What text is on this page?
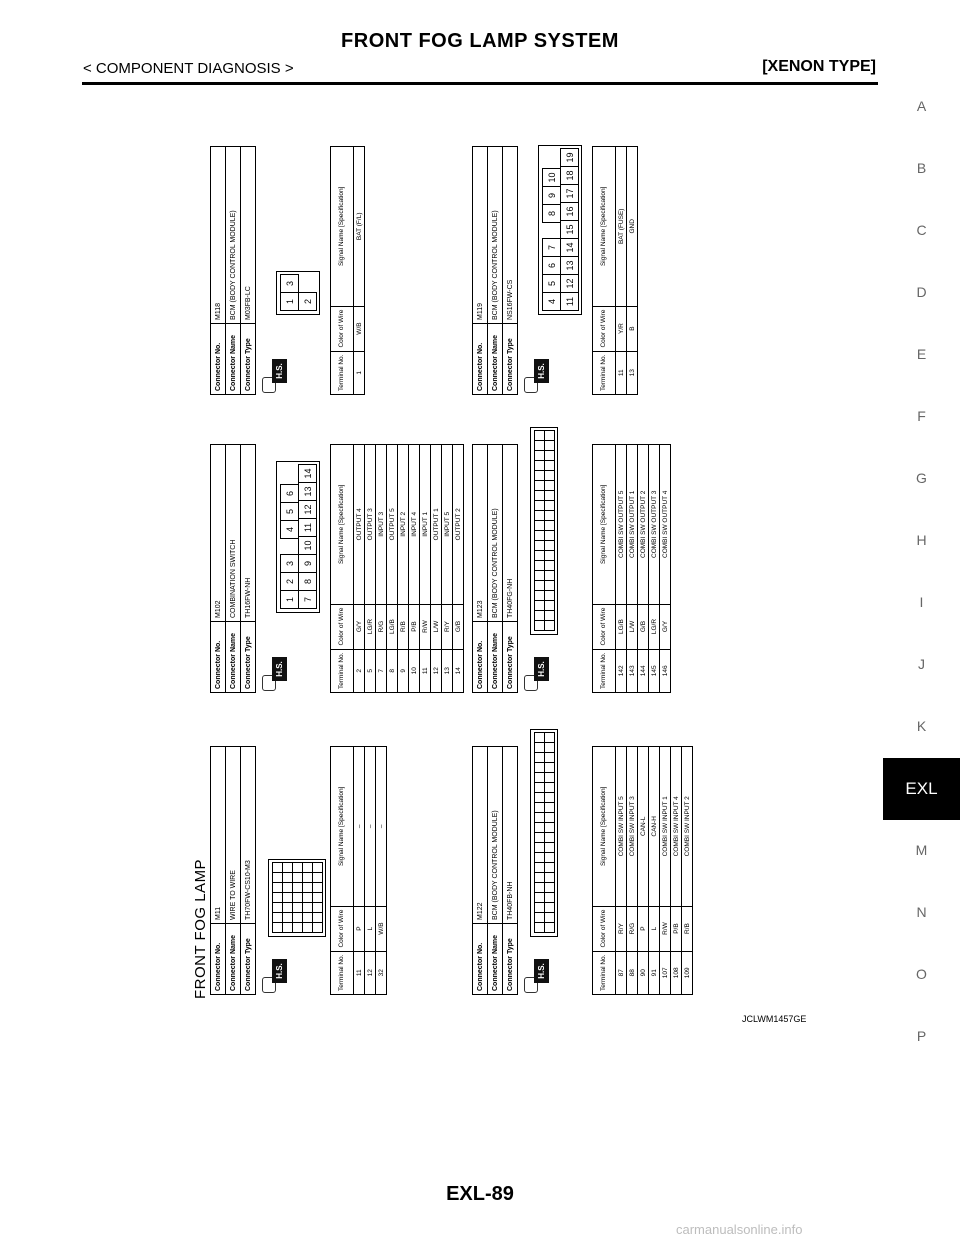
FRONT FOG LAMP SYSTEM
< COMPONENT DIAGNOSIS >	[XENON TYPE]
A
B
C
D
E
F
G
H
I
J
K
EXL
M
N
O
P
FRONT FOG LAMP Connector No.	M11
Connector Name	WIRE TO WIRE
Connector Type	TH70FW-CS10-M3
H.S.	Terminal No.	Color of Wire	Signal Name [Specification]
11	P	–
12	L	–
32	W/B	–
Connector No.	M122
Connector Name	BCM (BODY CONTROL MODULE)
Connector Type	TH40FB-NH
H.S.	Terminal No.	Color of Wire	Signal Name [Specification]
87	R/Y	COMBI SW INPUT 5
88	R/G	COMBI SW INPUT 3
90	P	CAN-L
91	L	CAN-H
107	R/W	COMBI SW INPUT 1
108	P/B	COMBI SW INPUT 4
109	R/B	COMBI SW INPUT 2
Connector No.	M102
Connector Name	COMBINATION SWITCH
Connector Type	TH16FW-NH
H.S.
1
2
3
4
5
6
7
8
9
10
11
12
13
14
Terminal No.	Color of Wire	Signal Name [Specification]
2	G/Y	OUTPUT 4
5	LG/R	OUTPUT 3
7	R/G	INPUT 3
8	LG/B	OUTPUT 5
9	R/B	INPUT 2
10	P/B	INPUT 4
11	R/W	INPUT 1
12	L/W	OUTPUT 1
13	R/Y	INPUT 5
14	G/B	OUTPUT 2
Connector No.	M123
Connector Name	BCM (BODY CONTROL MODULE)
Connector Type	TH40FG-NH
H.S.	Terminal No.	Color of Wire	Signal Name [Specification]
142	LG/B	COMBI SW OUTPUT 5
143	L/W	COMBI SW OUTPUT 1
144	G/B	COMBI SW OUTPUT 2
145	LG/R	COMBI SW OUTPUT 3
146	G/Y	COMBI SW OUTPUT 4
Connector No.	M118
Connector Name	BCM (BODY CONTROL MODULE)
Connector Type	M03FB-LC
H.S.
1
3
2
Terminal No.	Color of Wire	Signal Name [Specification]
1	W/B	BAT (F/L)
Connector No.	M119
Connector Name	BCM (BODY CONTROL MODULE)
Connector Type	NS16FW-CS
H.S.
4
5
6
7
8
9
10
11
12
13
14
15
16
17
18
19
Terminal No.	Color of Wire	Signal Name [Specification]
11	Y/R	BAT (FUSE)
13	B	GND
JCLWM1457GE
EXL-89
carmanualsonline.info
